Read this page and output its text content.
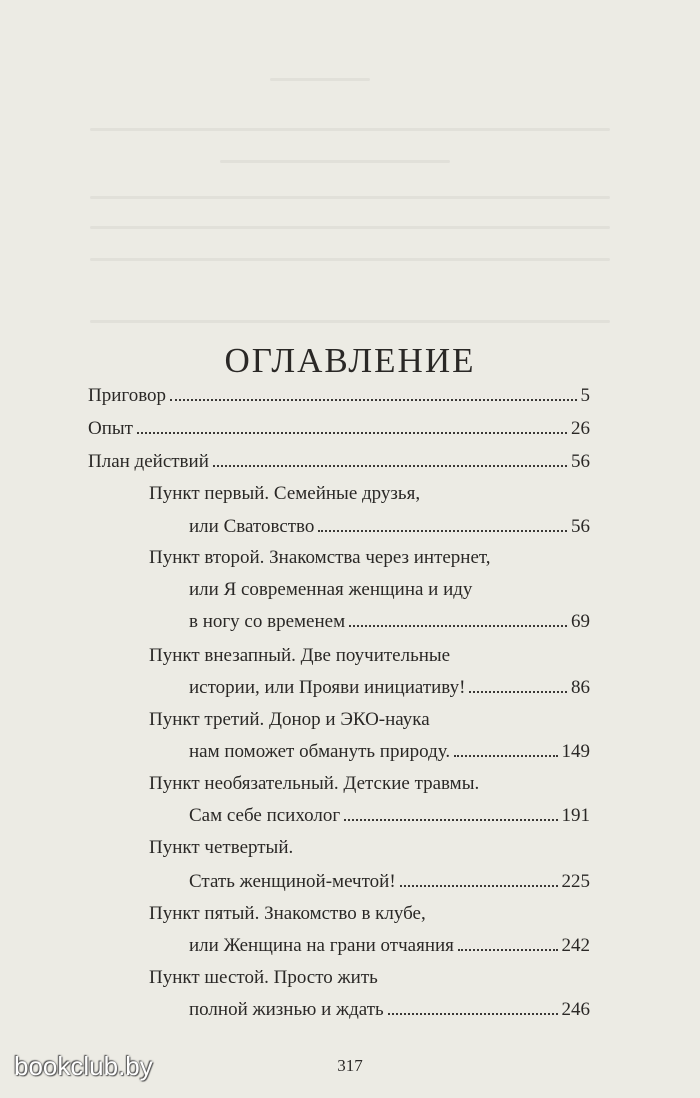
ОГЛАВЛЕНИЕ
Приговор	5
Опыт	26
План действий	56
Пункт первый. Семейные друзья,
или Сватовство	56
Пункт второй. Знакомства через интернет,
или Я современная женщина и иду
в ногу со временем	69
Пункт внезапный. Две поучительные
истории, или Прояви инициативу!	86
Пункт третий. Донор и ЭКО-наука
нам поможет обмануть природу.	149
Пункт необязательный. Детские травмы.
Сам себе психолог	191
Пункт четвертый.
Стать женщиной-мечтой!	225
Пункт пятый. Знакомство в клубе,
или Женщина на грани отчаяния	242
Пункт шестой. Просто жить
полной жизнью и ждать	246
317
bookclub.by
